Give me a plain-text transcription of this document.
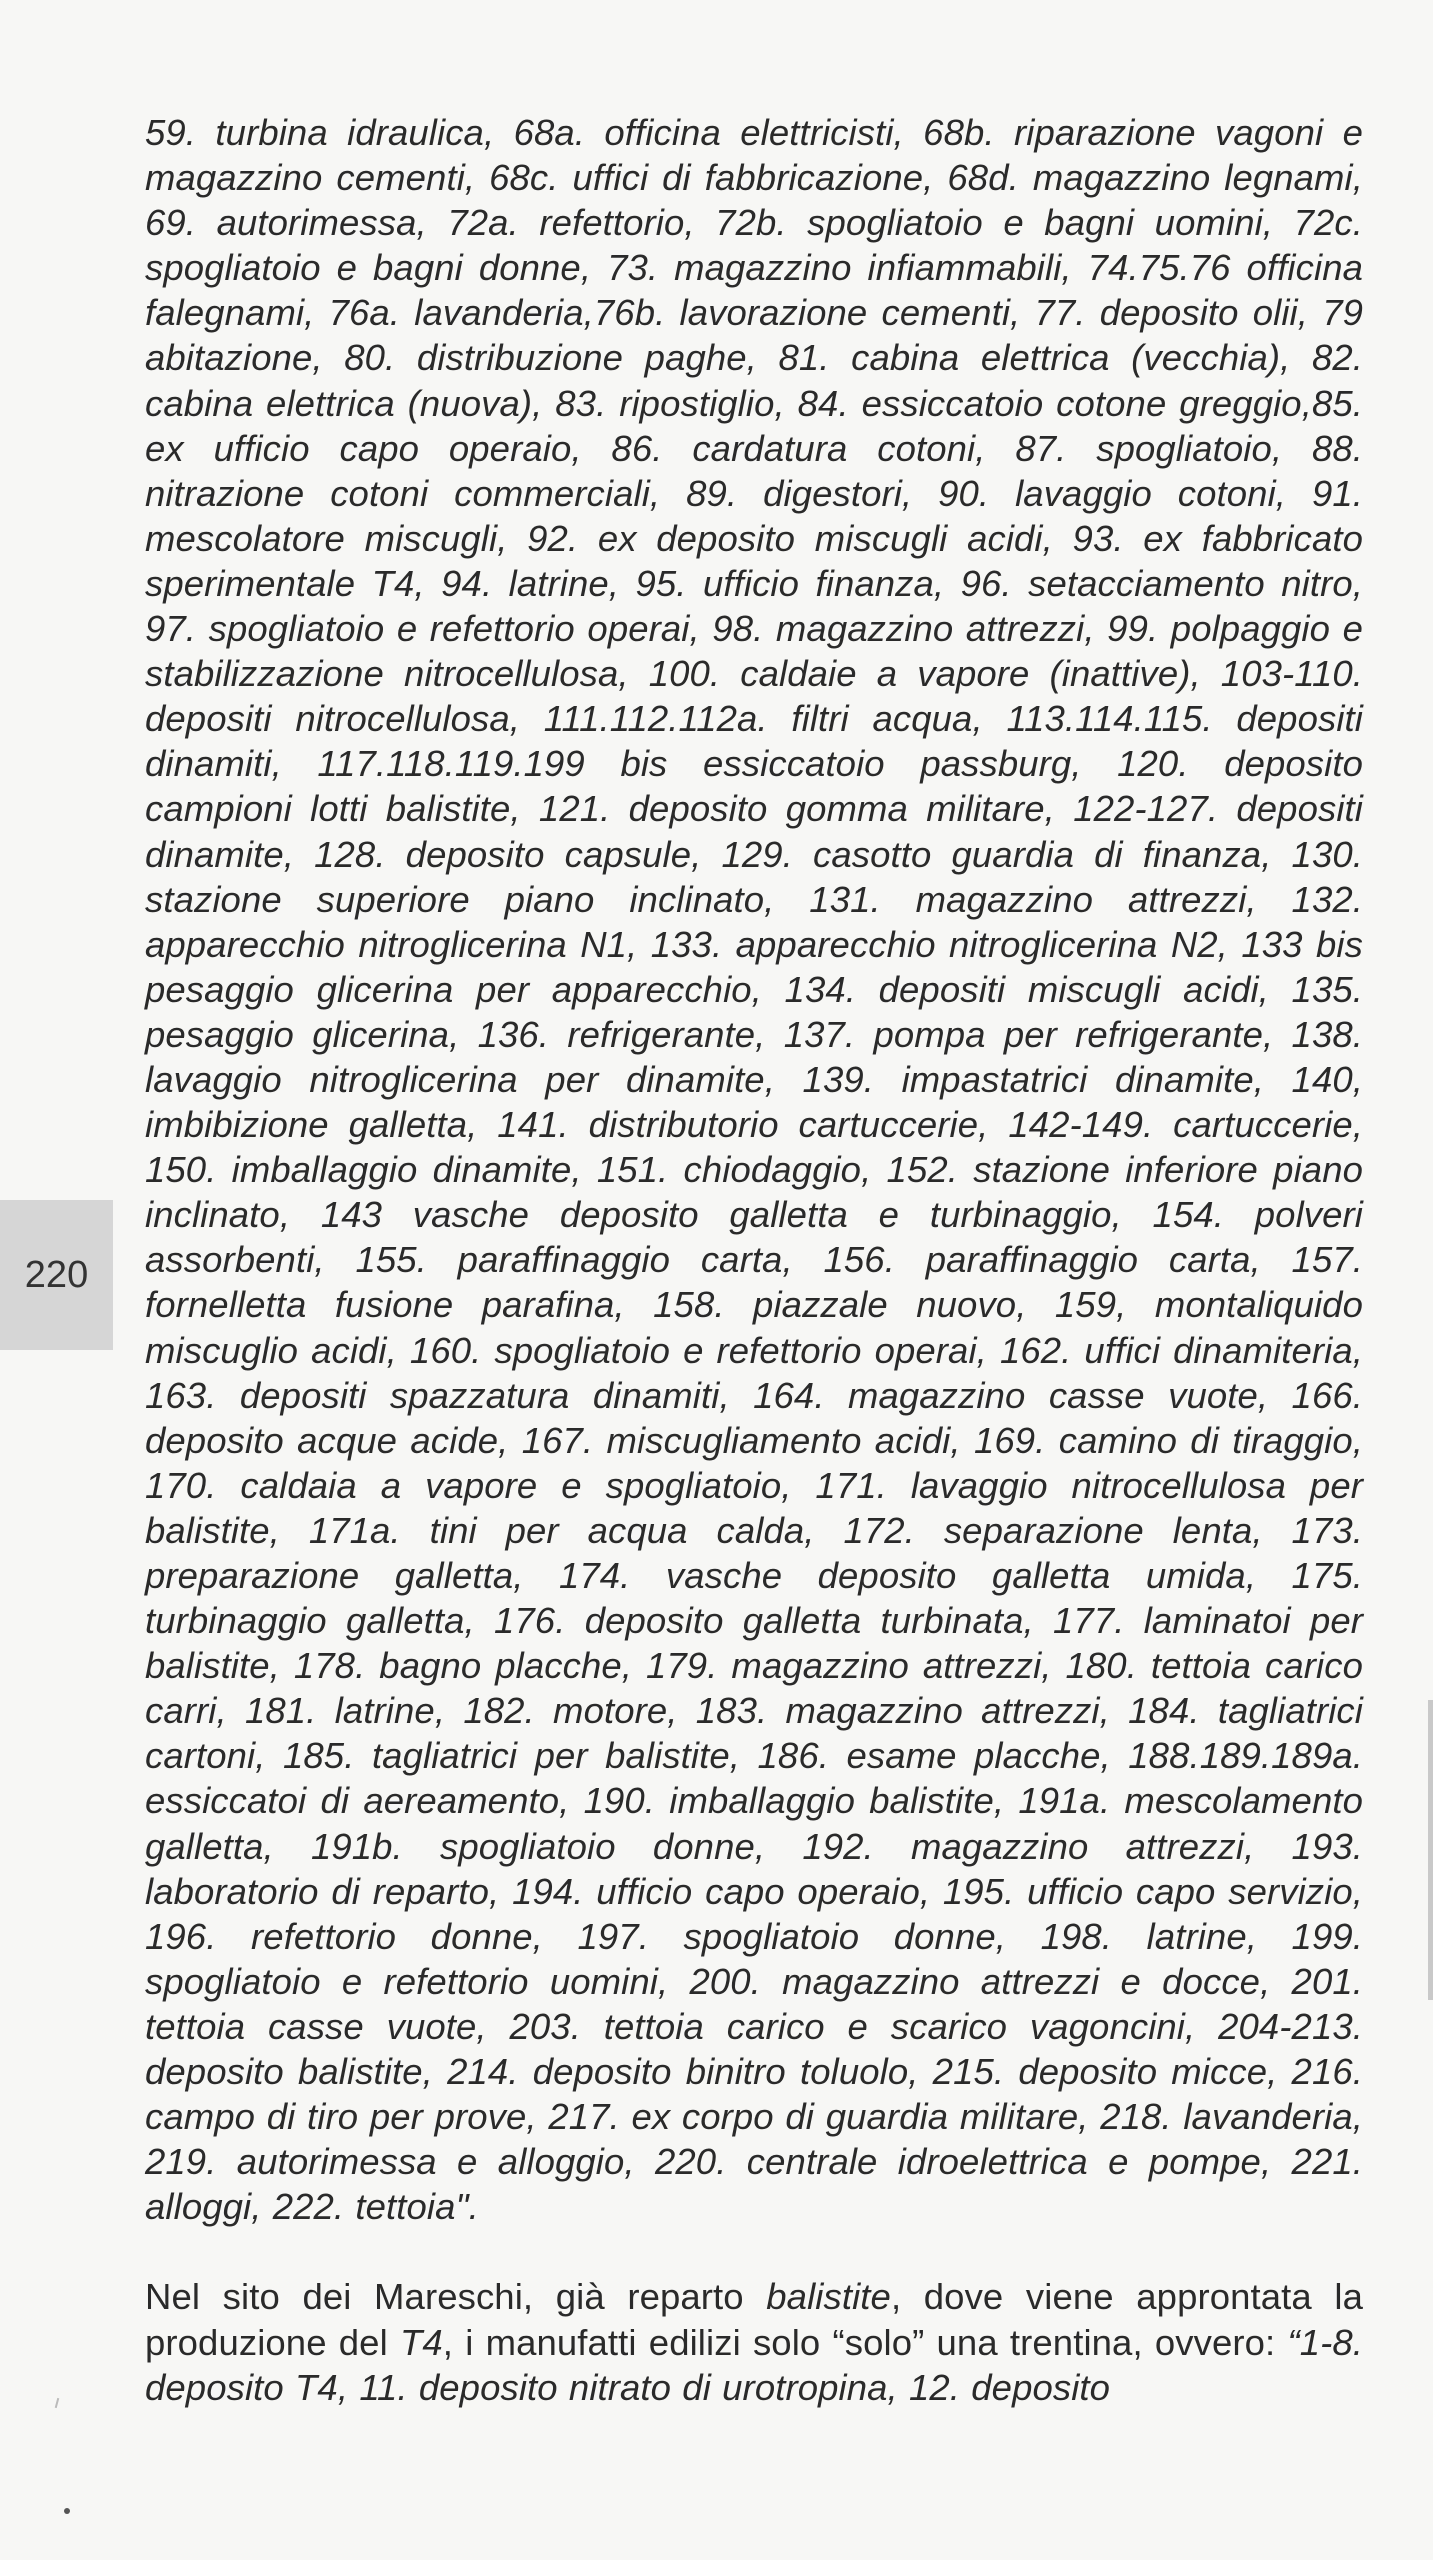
220

59. turbina idraulica, 68a. officina elettricisti, 68b. riparazione vagoni e magazzino cementi, 68c. uffici di fabbricazione, 68d. magazzino legnami, 69. autorimessa, 72a. refettorio, 72b. spogliatoio e bagni uomini, 72c. spogliatoio e bagni donne, 73. magazzino infiammabili, 74.75.76 officina falegnami, 76a. lavanderia,76b. lavorazione cementi, 77. deposito olii, 79 abitazione, 80. distribuzione paghe, 81. cabina elettrica (vecchia), 82. cabina elettrica (nuova), 83. ripostiglio, 84. essiccatoio cotone greggio,85. ex ufficio capo operaio, 86. cardatura cotoni, 87. spogliatoio, 88. nitrazione cotoni commerciali, 89. digestori, 90. lavaggio cotoni, 91. mescolatore miscugli, 92. ex deposito miscugli acidi, 93. ex fabbricato sperimentale T4, 94. latrine, 95. ufficio finanza, 96. setacciamento nitro, 97. spogliatoio e refettorio operai, 98. magazzino attrezzi, 99. polpaggio e stabilizzazione nitrocellulosa, 100. caldaie a vapore (inattive), 103-110. depositi nitrocellulosa, 111.112.112a. filtri acqua, 113.114.115. depositi dinamiti, 117.118.119.199 bis essiccatoio passburg, 120. deposito campioni lotti balistite, 121. deposito gomma militare, 122-127. depositi dinamite, 128. deposito capsule, 129. casotto guardia di finanza, 130. stazione superiore piano inclinato, 131. magazzino attrezzi, 132. apparecchio nitroglicerina N1, 133. apparecchio nitroglicerina N2, 133 bis pesaggio glicerina per apparecchio, 134. depositi miscugli acidi, 135. pesaggio glicerina, 136. refrigerante, 137. pompa per refrigerante, 138. lavaggio nitroglicerina per dinamite, 139. impastatrici dinamite, 140, imbibizione galletta, 141. distributorio cartuccerie, 142-149. cartuccerie, 150. imballaggio dinamite, 151. chiodaggio, 152. stazione inferiore piano inclinato, 143 vasche deposito galletta e turbinaggio, 154. polveri assorbenti, 155. paraffinaggio carta, 156. paraffinaggio carta, 157. fornelletta fusione parafina, 158. piazzale nuovo, 159, montaliquido miscuglio acidi, 160. spogliatoio e refettorio operai, 162. uffici dinamiteria, 163. depositi spazzatura dinamiti, 164. magazzino casse vuote, 166. deposito acque acide, 167. miscugliamento acidi, 169. camino di tiraggio, 170. caldaia a vapore e spogliatoio, 171. lavaggio nitrocellulosa per balistite, 171a. tini per acqua calda, 172. separazione lenta, 173. preparazione galletta, 174. vasche deposito galletta umida, 175. turbinaggio galletta, 176. deposito galletta turbinata, 177. laminatoi per balistite, 178. bagno placche, 179. magazzino attrezzi, 180. tettoia carico carri, 181. latrine, 182. motore, 183. magazzino attrezzi, 184. tagliatrici cartoni, 185. tagliatrici per balistite, 186. esame placche, 188.189.189a. essiccatoi di aereamento, 190. imballaggio balistite, 191a. mescolamento galletta, 191b. spogliatoio donne, 192. magazzino attrezzi, 193. laboratorio di reparto, 194. ufficio capo operaio, 195. ufficio capo servizio, 196. refettorio donne, 197. spogliatoio donne, 198. latrine, 199. spogliatoio e refettorio uomini, 200. magazzino attrezzi e docce, 201. tettoia casse vuote, 203. tettoia carico e scarico vagoncini, 204-213. deposito balistite, 214. deposito binitro toluolo, 215. deposito micce, 216. campo di tiro per prove, 217. ex corpo di guardia militare, 218. lavanderia, 219. autorimessa e alloggio, 220. centrale idroelettrica e pompe, 221. alloggi, 222. tettoia".

Nel sito dei Mareschi, già reparto balistite, dove viene approntata la produzione del T4, i manufatti edilizi solo “solo” una trentina, ovvero: “1-8. deposito T4, 11. deposito nitrato di urotropina, 12. deposito
